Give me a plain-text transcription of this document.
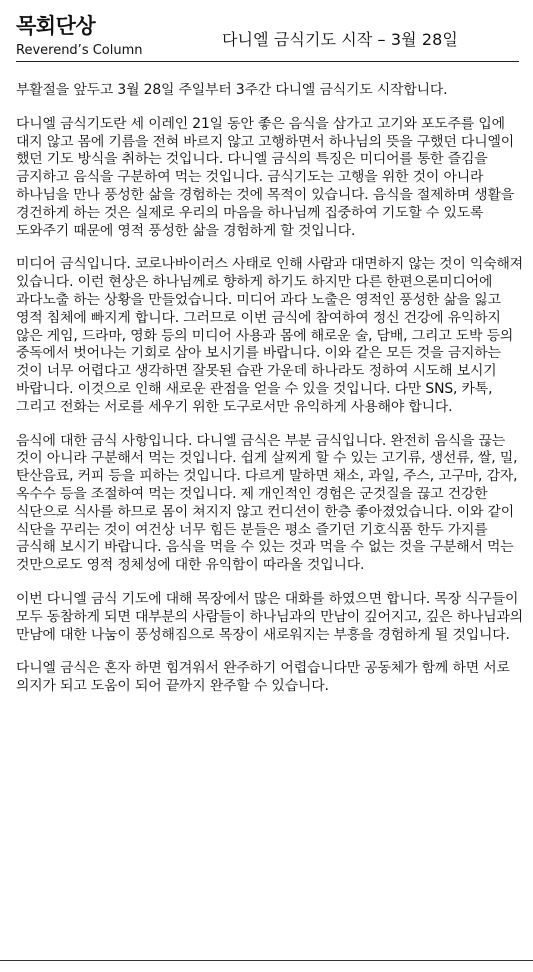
목회단상
Reverend’s Column
다니엘 금식기도 시작 – 3월 28일

부활절을 앞두고 3월 28일 주일부터 3주간 다니엘 금식기도 시작합니다.

다니엘 금식기도란 세 이레인 21일 동안 좋은 음식을 삼가고 고기와 포도주를 입에 대지 않고 몸에 기름을 전혀 바르지 않고 고행하면서 하나님의 뜻을 구했던 다니엘이 했던 기도 방식을 취하는 것입니다. 다니엘 금식의 특징은 미디어를 통한 즐김을 금지하고 음식을 구분하여 먹는 것입니다. 금식기도는 고행을 위한 것이 아니라 하나님을 만나 풍성한 삶을 경험하는 것에 목적이 있습니다. 음식을 절제하며 생활을 경건하게 하는 것은 실제로 우리의 마음을 하나님께 집중하여 기도할 수 있도록 도와주기 때문에 영적 풍성한 삶을 경험하게 할 것입니다.

미디어 금식입니다. 코로나바이러스 사태로 인해 사람과 대면하지 않는 것이 익숙해져 있습니다. 이런 현상은 하나님께로 향하게 하기도 하지만 다른 한편으론미디어에 과다노출 하는 상황을 만들었습니다. 미디어 과다 노출은 영적인 풍성한 삶을 잃고 영적 침체에 빠지게 합니다. 그러므로 이번 금식에 참여하여 정신 건강에 유익하지 않은 게임, 드라마, 영화 등의 미디어 사용과 몸에 해로운 술, 담배, 그리고 도박 등의 중독에서 벗어나는 기회로 삼아 보시기를 바랍니다. 이와 같은 모든 것을 금지하는 것이 너무 어렵다고 생각하면 잘못된 습관 가운데 하나라도 정하여 시도해 보시기 바랍니다. 이것으로 인해 새로운 관점을 얻을 수 있을 것입니다. 다만 SNS, 카톡, 그리고 전화는 서로를 세우기 위한 도구로서만 유익하게 사용해야 합니다.

음식에 대한 금식 사항입니다. 다니엘 금식은 부분 금식입니다. 완전히 음식을 끊는 것이 아니라 구분해서 먹는 것입니다. 쉽게 살찌게 할 수 있는 고기류, 생선류, 쌀, 밀, 탄산음료, 커피 등을 피하는 것입니다. 다르게 말하면 채소, 과일, 주스, 고구마, 감자, 옥수수 등을 조절하여 먹는 것입니다. 제 개인적인 경험은 군것질을 끊고 건강한 식단으로 식사를 하므로 몸이 쳐지지 않고 컨디션이 한층 좋아졌었습니다. 이와 같이 식단을 꾸리는 것이 여건상 너무 힘든 분들은 평소 즐기던 기호식품 한두 가지를 금식해 보시기 바랍니다. 음식을 먹을 수 있는 것과 먹을 수 없는 것을 구분해서 먹는 것만으로도 영적 정체성에 대한 유익함이 따라올 것입니다.

이번 다니엘 금식 기도에 대해 목장에서 많은 대화를 하였으면 합니다. 목장 식구들이 모두 동참하게 되면 대부분의 사람들이 하나님과의 만남이 깊어지고, 깊은 하나님과의 만남에 대한 나눔이 풍성해짐으로 목장이 새로워지는 부흥을 경험하게 될 것입니다.

다니엘 금식은 혼자 하면 힘겨워서 완주하기 어렵습니다만 공동체가 함께 하면 서로 의지가 되고 도움이 되어 끝까지 완주할 수 있습니다.
